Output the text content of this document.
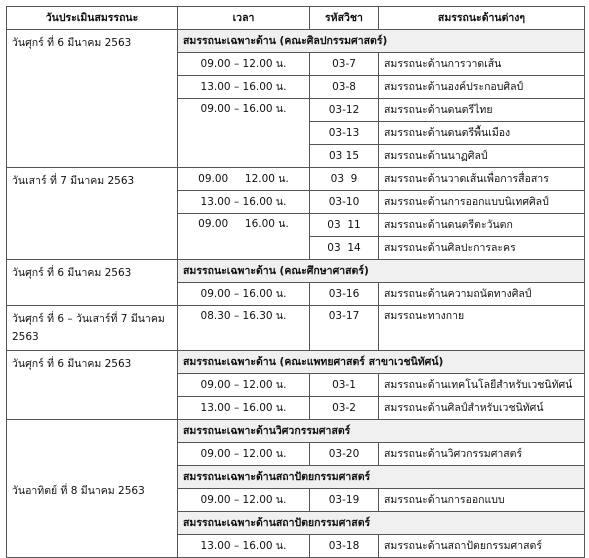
วันประเมินสมรรถนะ	เวลา	รหัสวิชา	สมรรถนะด้านต่างๆ
วันศุกร์ ที่ 6 มีนาคม 2563	สมรรถนะเฉพาะด้าน (คณะศิลปกรรมศาสตร์)		
	09.00 – 12.00 น.	03-7	สมรรถนะด้านการวาดเส้น
	13.00 – 16.00 น.	03-8	สมรรถนะด้านองค์ประกอบศิลป์
	09.00 – 16.00 น.	03-12	สมรรถนะด้านดนตรีไทย
		03-13	สมรรถนะด้านดนตรีพื้นเมือง
		03 15	สมรรถนะด้านนาฏศิลป์
วันเสาร์ ที่ 7 มีนาคม 2563	09.00     12.00 น.	03  9	สมรรถนะด้านวาดเส้นเพื่อการสื่อสาร
	13.00 – 16.00 น.	03-10	สมรรถนะด้านการออกแบบนิเทศศิลป์
	09.00     16.00 น.	03  11	สมรรถนะด้านดนตรีตะวันตก
		03  14	สมรรถนะด้านศิลปะการละคร
วันศุกร์ ที่ 6 มีนาคม 2563	สมรรถนะเฉพาะด้าน (คณะศึกษาศาสตร์)		
	09.00 – 16.00 น.	03-16	สมรรถนะด้านความถนัดทางศิลป์
วันศุกร์ ที่ 6 – วันเสาร์ที่ 7 มีนาคม 2563	08.30 – 16.30 น.	03-17	สมรรถนะทางกาย
วันศุกร์ ที่ 6 มีนาคม 2563	สมรรถนะเฉพาะด้าน (คณะแพทยศาสตร์ สาขาเวชนิทัศน์)		
	09.00 – 12.00 น.	03-1	สมรรถนะด้านเทคโนโลยีสำหรับเวชนิทัศน์
	13.00 – 16.00 น.	03-2	สมรรถนะด้านศิลป์สำหรับเวชนิทัศน์
วันอาทิตย์ ที่ 8 มีนาคม 2563	สมรรถนะเฉพาะด้านวิศวกรรมศาสตร์		
	09.00 – 12.00 น.	03-20	สมรรถนะด้านวิศวกรรมศาสตร์
	สมรรถนะเฉพาะด้านสถาปัตยกรรมศาสตร์		
	09.00 – 12.00 น.	03-19	สมรรถนะด้านการออกแบบ
	สมรรถนะเฉพาะด้านสถาปัตยกรรมศาสตร์		
	13.00 – 16.00 น.	03-18	สมรรถนะด้านสถาปัตยกรรมศาสตร์
